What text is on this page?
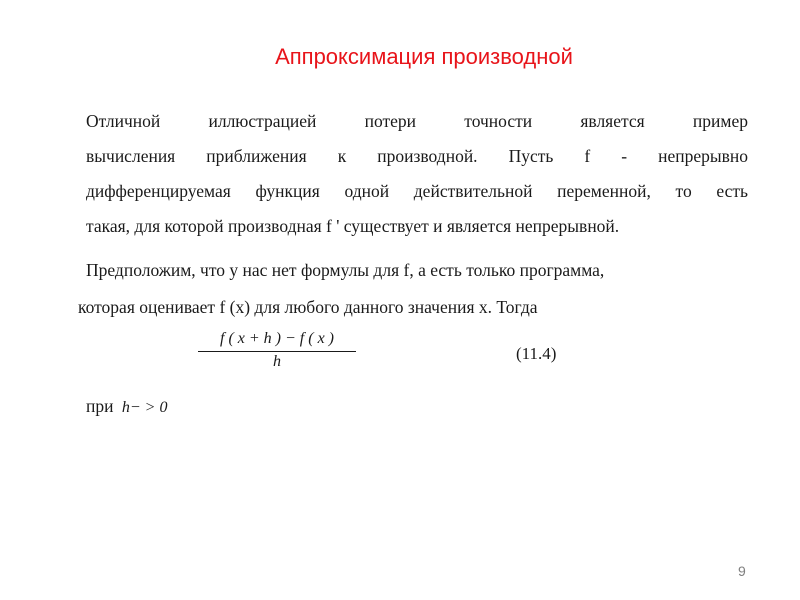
Аппроксимация производной
Отличной иллюстрацией потери точности является пример
вычисления приближения к производной. Пусть f - непрерывно
дифференцируемая функция одной действительной переменной, то есть
такая, для которой производная f ' существует и является непрерывной.
Предположим, что у нас нет формулы для f, а есть только программа,
которая оценивает f (x) для любого данного значения х. Тогда
f ( x + h ) − f ( x )
h	(11.4)
при h− > 0
9
